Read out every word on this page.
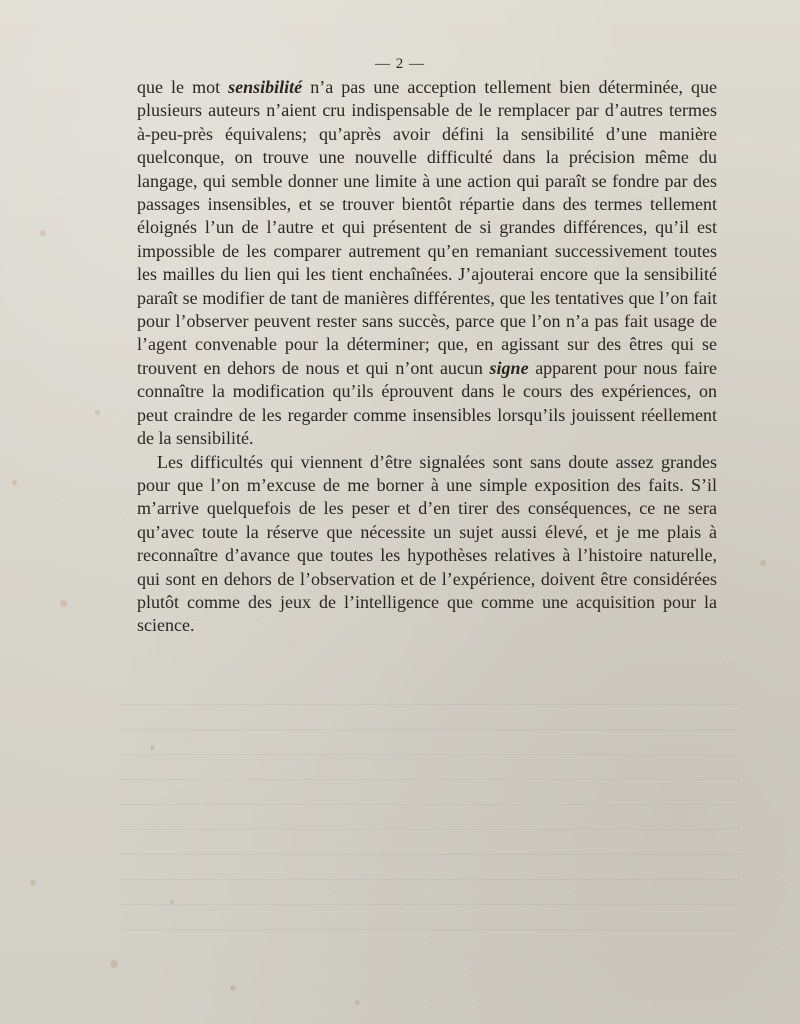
— 2 —

que le mot sensibilité n’a pas une acception tellement bien déterminée, que plusieurs auteurs n’aient cru indispensable de le remplacer par d’autres termes à-peu-près équivalens; qu’après avoir défini la sensibilité d’une manière quelconque, on trouve une nouvelle difficulté dans la précision même du langage, qui semble donner une limite à une action qui paraît se fondre par des passages insensibles, et se trouver bientôt répartie dans des termes tellement éloignés l’un de l’autre et qui présentent de si grandes différences, qu’il est impossible de les comparer autrement qu’en remaniant successivement toutes les mailles du lien qui les tient enchaînées. J’ajouterai encore que la sensibilité paraît se modifier de tant de manières différentes, que les tentatives que l’on fait pour l’observer peuvent rester sans succès, parce que l’on n’a pas fait usage de l’agent convenable pour la déterminer; que, en agissant sur des êtres qui se trouvent en dehors de nous et qui n’ont aucun signe apparent pour nous faire connaître la modification qu’ils éprouvent dans le cours des expériences, on peut craindre de les regarder comme insensibles lorsqu’ils jouissent réellement de la sensibilité.

Les difficultés qui viennent d’être signalées sont sans doute assez grandes pour que l’on m’excuse de me borner à une simple exposition des faits. S’il m’arrive quelquefois de les peser et d’en tirer des conséquences, ce ne sera qu’avec toute la réserve que nécessite un sujet aussi élevé, et je me plais à reconnaître d’avance que toutes les hypothèses relatives à l’histoire naturelle, qui sont en dehors de l’observation et de l’expérience, doivent être considérées plutôt comme des jeux de l’intelligence que comme une acquisition pour la science.
